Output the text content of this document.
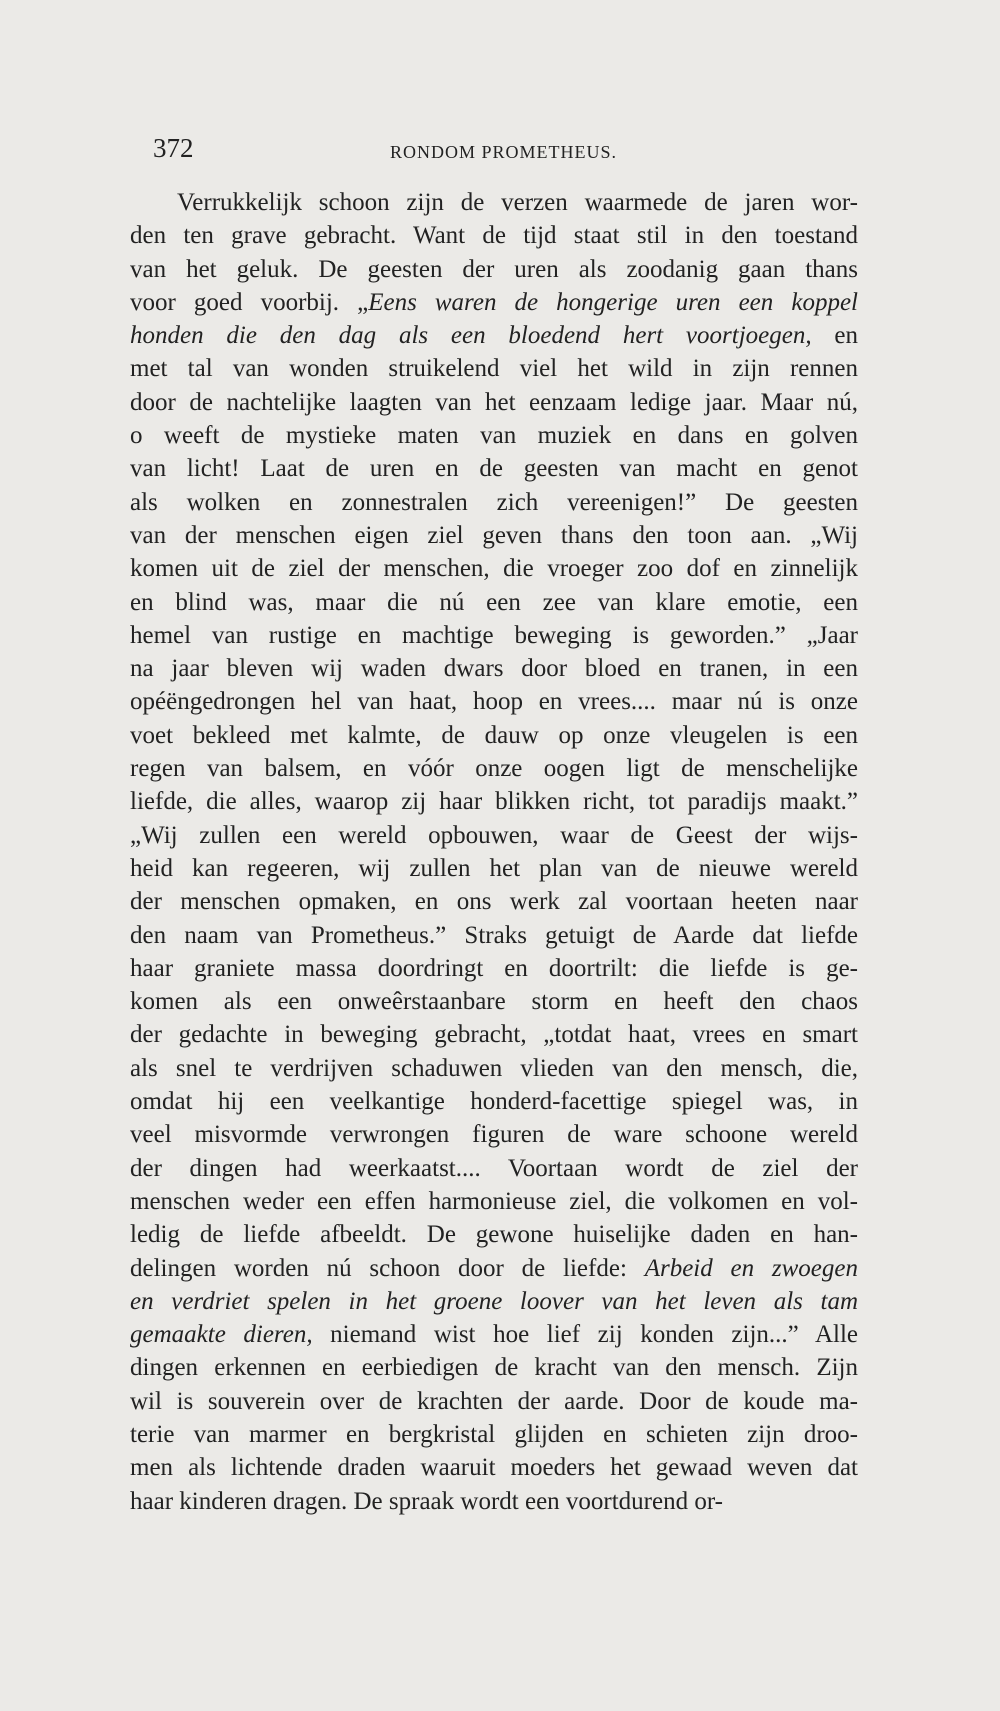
372	RONDOM PROMETHEUS.
Verrukkelijk schoon zijn de verzen waarmede de jaren wor-
den ten grave gebracht. Want de tijd staat stil in den toestand
van het geluk. De geesten der uren als zoodanig gaan thans
voor goed voorbij. „Eens waren de hongerige uren een koppel
honden die den dag als een bloedend hert voortjoegen, en
met tal van wonden struikelend viel het wild in zijn rennen
door de nachtelijke laagten van het eenzaam ledige jaar. Maar nú,
o weeft de mystieke maten van muziek en dans en golven
van licht! Laat de uren en de geesten van macht en genot
als wolken en zonnestralen zich vereenigen!” De geesten
van der menschen eigen ziel geven thans den toon aan. „Wij
komen uit de ziel der menschen, die vroeger zoo dof en zinnelijk
en blind was, maar die nú een zee van klare emotie, een
hemel van rustige en machtige beweging is geworden.” „Jaar
na jaar bleven wij waden dwars door bloed en tranen, in een
opéëngedrongen hel van haat, hoop en vrees.... maar nú is onze
voet bekleed met kalmte, de dauw op onze vleugelen is een
regen van balsem, en vóór onze oogen ligt de menschelijke
liefde, die alles, waarop zij haar blikken richt, tot paradijs maakt.”
„Wij zullen een wereld opbouwen, waar de Geest der wijs-
heid kan regeeren, wij zullen het plan van de nieuwe wereld
der menschen opmaken, en ons werk zal voortaan heeten naar
den naam van Prometheus.” Straks getuigt de Aarde dat liefde
haar graniete massa doordringt en doortrilt: die liefde is ge-
komen als een onweêrstaanbare storm en heeft den chaos
der gedachte in beweging gebracht, „totdat haat, vrees en smart
als snel te verdrijven schaduwen vlieden van den mensch, die,
omdat hij een veelkantige honderd-facettige spiegel was, in
veel misvormde verwrongen figuren de ware schoone wereld
der dingen had weerkaatst.... Voortaan wordt de ziel der
menschen weder een effen harmonieuse ziel, die volkomen en vol-
ledig de liefde afbeeldt. De gewone huiselijke daden en han-
delingen worden nú schoon door de liefde: Arbeid en zwoegen
en verdriet spelen in het groene loover van het leven als tam
gemaakte dieren, niemand wist hoe lief zij konden zijn...” Alle
dingen erkennen en eerbiedigen de kracht van den mensch. Zijn
wil is souverein over de krachten der aarde. Door de koude ma-
terie van marmer en bergkristal glijden en schieten zijn droo-
men als lichtende draden waaruit moeders het gewaad weven dat
haar kinderen dragen. De spraak wordt een voortdurend or-
